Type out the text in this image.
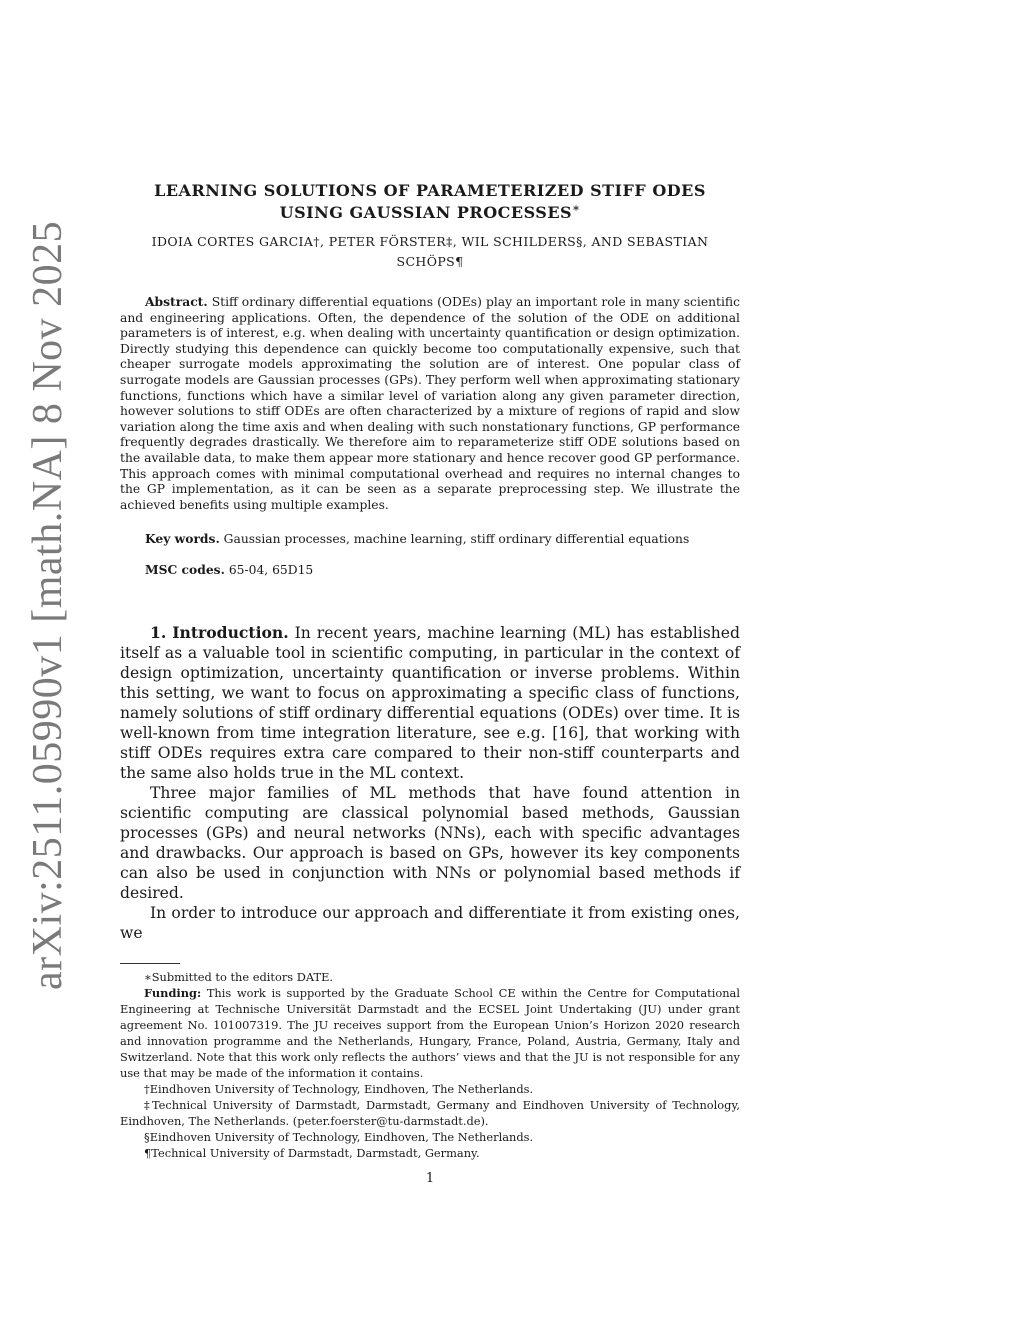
arXiv:2511.05990v1 [math.NA] 8 Nov 2025
LEARNING SOLUTIONS OF PARAMETERIZED STIFF ODES
USING GAUSSIAN PROCESSES∗
IDOIA CORTES GARCIA†, PETER FÖRSTER‡, WIL SCHILDERS§, AND SEBASTIAN SCHÖPS¶

Abstract. Stiff ordinary differential equations (ODEs) play an important role in many scientific and engineering applications. Often, the dependence of the solution of the ODE on additional parameters is of interest, e.g. when dealing with uncertainty quantification or design optimization. Directly studying this dependence can quickly become too computationally expensive, such that cheaper surrogate models approximating the solution are of interest. One popular class of surrogate models are Gaussian processes (GPs). They perform well when approximating stationary functions, functions which have a similar level of variation along any given parameter direction, however solutions to stiff ODEs are often characterized by a mixture of regions of rapid and slow variation along the time axis and when dealing with such nonstationary functions, GP performance frequently degrades drastically. We therefore aim to reparameterize stiff ODE solutions based on the available data, to make them appear more stationary and hence recover good GP performance. This approach comes with minimal computational overhead and requires no internal changes to the GP implementation, as it can be seen as a separate preprocessing step. We illustrate the achieved benefits using multiple examples.

Key words. Gaussian processes, machine learning, stiff ordinary differential equations
MSC codes. 65-04, 65D15

1. Introduction. In recent years, machine learning (ML) has established itself as a valuable tool in scientific computing, in particular in the context of design optimization, uncertainty quantification or inverse problems. Within this setting, we want to focus on approximating a specific class of functions, namely solutions of stiff ordinary differential equations (ODEs) over time. It is well-known from time integration literature, see e.g. [16], that working with stiff ODEs requires extra care compared to their non-stiff counterparts and the same also holds true in the ML context.

Three major families of ML methods that have found attention in scientific computing are classical polynomial based methods, Gaussian processes (GPs) and neural networks (NNs), each with specific advantages and drawbacks. Our approach is based on GPs, however its key components can also be used in conjunction with NNs or polynomial based methods if desired.

In order to introduce our approach and differentiate it from existing ones, we

∗Submitted to the editors DATE.

Funding: This work is supported by the Graduate School CE within the Centre for Computational Engineering at Technische Universität Darmstadt and the ECSEL Joint Undertaking (JU) under grant agreement No. 101007319. The JU receives support from the European Union’s Horizon 2020 research and innovation programme and the Netherlands, Hungary, France, Poland, Austria, Germany, Italy and Switzerland. Note that this work only reflects the authors’ views and that the JU is not responsible for any use that may be made of the information it contains.

†Eindhoven University of Technology, Eindhoven, The Netherlands.

‡Technical University of Darmstadt, Darmstadt, Germany and Eindhoven University of Technology, Eindhoven, The Netherlands. (peter.foerster@tu-darmstadt.de).

§Eindhoven University of Technology, Eindhoven, The Netherlands.

¶Technical University of Darmstadt, Darmstadt, Germany.

1
